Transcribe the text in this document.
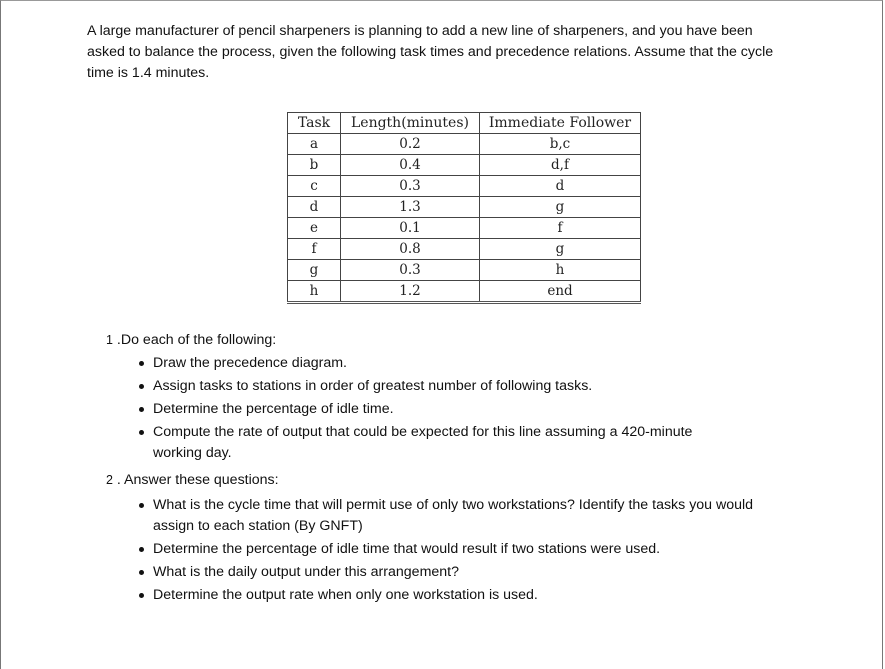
A large manufacturer of pencil sharpeners is planning to add a new line of sharpeners, and you have been asked to balance the process, given the following task times and precedence relations. Assume that the cycle time is 1.4 minutes.

Task	Length(minutes)	Immediate Follower
a	0.2	b,c
b	0.4	d,f
c	0.3	d
d	1.3	g
e	0.1	f
f	0.8	g
g	0.3	h
h	1.2	end
1 .Do each of the following:
Draw the precedence diagram.
Assign tasks to stations in order of greatest number of following tasks.
Determine the percentage of idle time.
Compute the rate of output that could be expected for this line assuming a 420-minute working day.
2 . Answer these questions:
What is the cycle time that will permit use of only two workstations? Identify the tasks you would assign to each station (By GNFT)
Determine the percentage of idle time that would result if two stations were used.
What is the daily output under this arrangement?
Determine the output rate when only one workstation is used.
